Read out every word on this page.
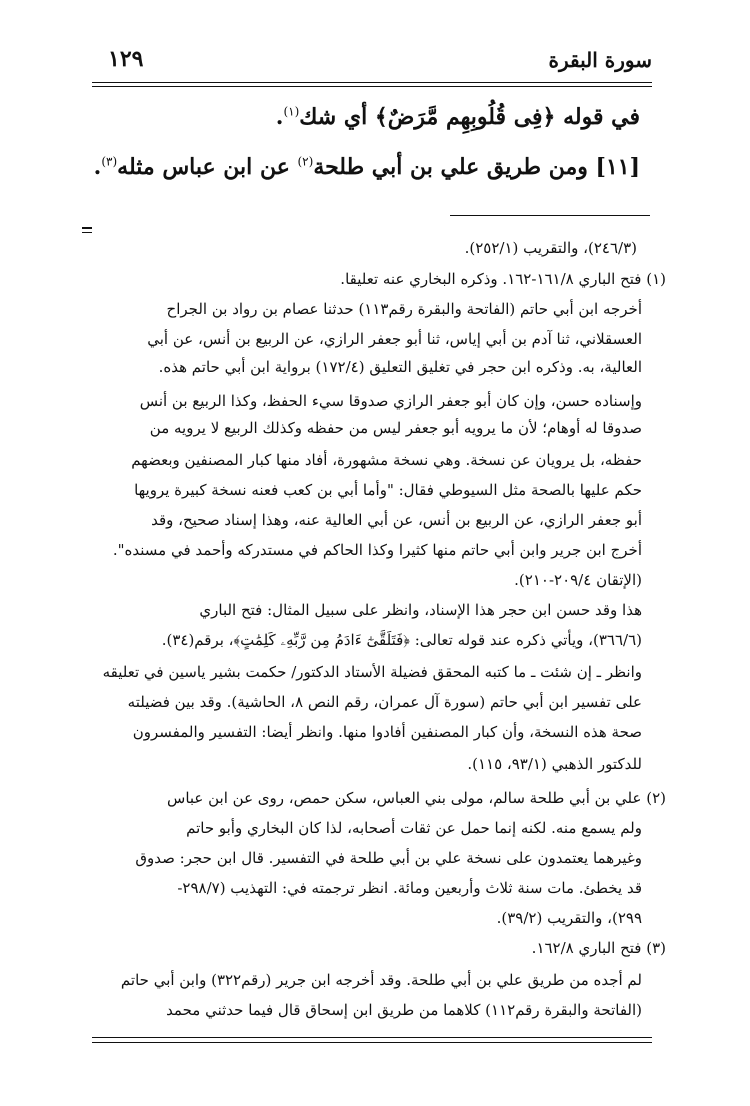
سورة البقرة
١٢٩
في قوله ﴿فِى قُلُوبِهِم مَّرَضٌ﴾ أي شك$^{(١)}$.
[١١] ومن طريق علي بن أبي طلحة$^{(٢)}$ عن ابن عباس مثله$^{(٣)}$.
(٢٤٦/٣)، والتقريب (٢٥٢/١).
(١) فتح الباري ١٦١/٨-١٦٢. وذكره البخاري عنه تعليقا.
أخرجه ابن أبي حاتم (الفاتحة والبقرة رقم١١٣) حدثنا عصام بن رواد بن الجراح
العسقلاني، ثنا آدم بن أبي إياس، ثنا أبو جعفر الرازي، عن الربيع بن أنس، عن أبي
العالية، به. وذكره ابن حجر في تغليق التعليق (١٧٢/٤) برواية ابن أبي حاتم هذه.
وإسناده حسن، وإن كان أبو جعفر الرازي صدوقا سيء الحفظ، وكذا الربيع بن أنس
صدوقا له أوهام؛ لأن ما يرويه أبو جعفر ليس من حفظه وكذلك الربيع لا يرويه من
حفظه، بل يرويان عن نسخة. وهي نسخة مشهورة، أفاد منها كبار المصنفين وبعضهم
حكم عليها بالصحة مثل السيوطي فقال: "وأما أبي بن كعب فعنه نسخة كبيرة يرويها
أبو جعفر الرازي، عن الربيع بن أنس، عن أبي العالية عنه، وهذا إسناد صحيح، وقد
أخرج ابن جرير وابن أبي حاتم منها كثيرا وكذا الحاكم في مستدركه وأحمد في مسنده".
(الإتقان ٢٠٩/٤-٢١٠).
هذا وقد حسن ابن حجر هذا الإسناد، وانظر على سبيل المثال: فتح الباري
(٣٦٦/٦)، ويأتي ذكره عند قوله تعالى: ﴿فَتَلَقَّىٰٓ ءَادَمُ مِن رَّبِّهِۦ كَلِمَٰتٍ﴾، برقم(٣٤).
وانظر ـ إن شئت ـ ما كتبه المحقق فضيلة الأستاد الدكتور/ حكمت بشير ياسين في تعليقه
على تفسير ابن أبي حاتم (سورة آل عمران، رقم النص ٨، الحاشية). وقد بين فضيلته
صحة هذه النسخة، وأن كبار المصنفين أفادوا منها. وانظر أيضا: التفسير والمفسرون
للدكتور الذهبي (٩٣/١، ١١٥).
(٢) علي بن أبي طلحة سالم، مولى بني العباس، سكن حمص، روى عن ابن عباس
ولم يسمع منه. لكنه إنما حمل عن ثقات أصحابه، لذا كان البخاري وأبو حاتم
وغيرهما يعتمدون على نسخة علي بن أبي طلحة في التفسير. قال ابن حجر: صدوق
قد يخطئ. مات سنة ثلاث وأربعين ومائة. انظر ترجمته في: التهذيب (٢٩٨/٧-
٢٩٩)، والتقريب (٣٩/٢).
(٣) فتح الباري ١٦٢/٨.
لم أجده من طريق علي بن أبي طلحة. وقد أخرجه ابن جرير (رقم٣٢٢) وابن أبي حاتم
(الفاتحة والبقرة رقم١١٢) كلاهما من طريق ابن إسحاق قال فيما حدثني محمد
